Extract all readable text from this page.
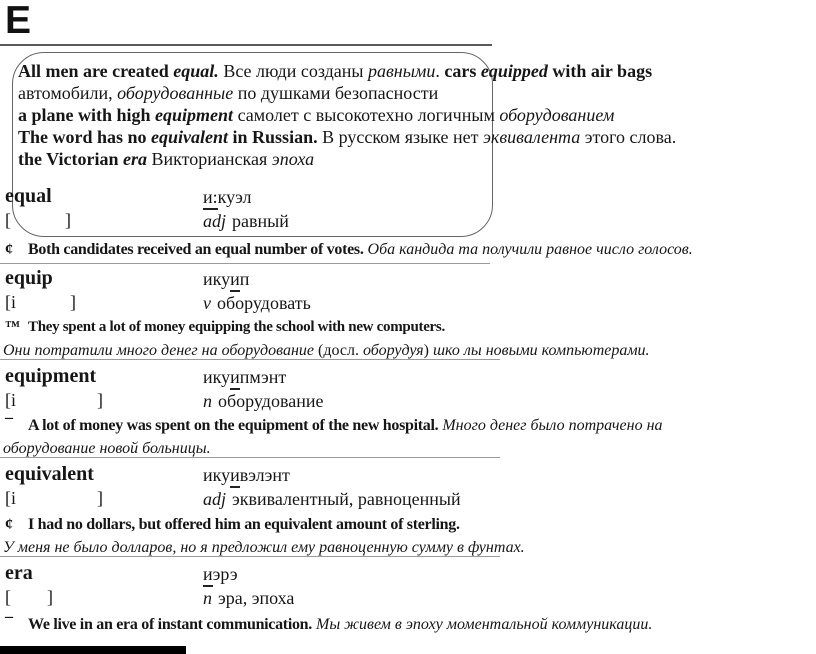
E
All men are created equal. Все люди созданы равными. cars equipped with air bags
автомобили, оборудованные по душками безопасности
a plane with high equipment самолет с высокотехно логичным оборудованием
The word has no equivalent in Russian. В русском языке нет эквивалента этого слова.
the Victorian era Викторианская эпоха
equal
[            ]
и:куэл
adj равный
¢ Both candidates received an equal number of votes. Оба кандида та получили равное число голосов.
equip
[i            ]
икуип
v оборудовать
™ They spent a lot of money equipping the school with new computers.
Они потратили много денег на оборудование (досл. оборудуя) шко лы новыми компьютерами.
equipment
[i                  ]
икуипмэнт
n оборудование
¯ A lot of money was spent on the equipment of the new hospital. Много денег было потрачено на
оборудование новой больницы.
equivalent
[i                  ]
икуивэлэнт
adj эквивалентный, равноценный
¢ I had no dollars, but offered him an equivalent amount of sterling.
У меня не было долларов, но я предложил ему равноценную сумму в фунтах.
era
[        ]
иэрэ
n эра, эпоха
¯ We live in an era of instant communication. Мы живем в эпоху моментальной коммуникации.
